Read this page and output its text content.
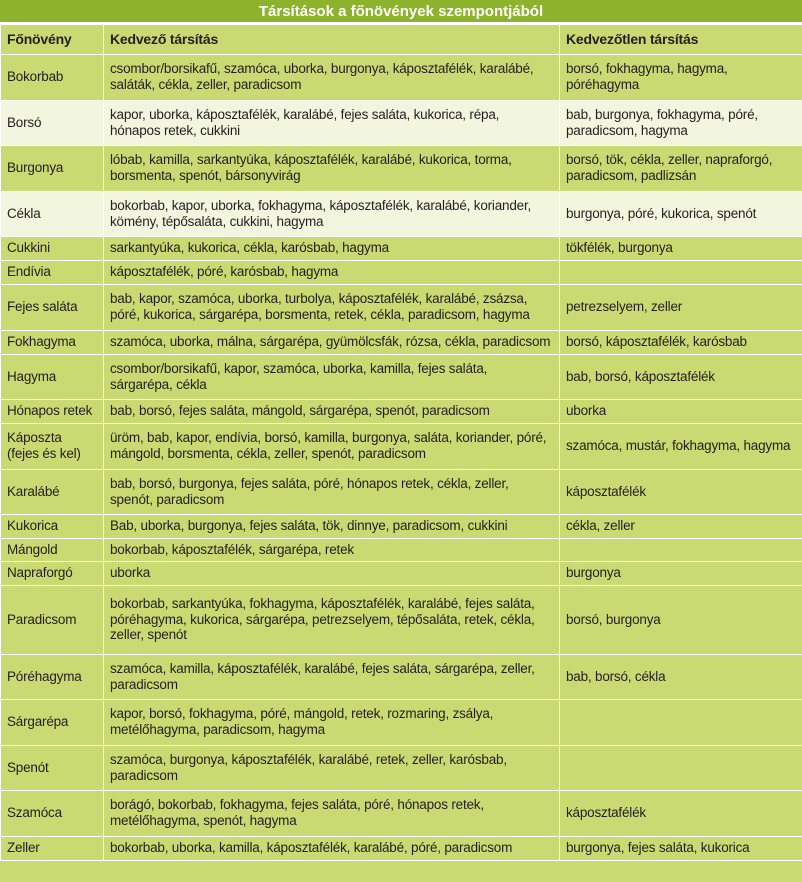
Társítások a főnövények szempontjából
Főnövény	Kedvező társítás	Kedvezőtlen társítás
Bokorbab	csombor/borsikafű, szamóca, uborka, burgonya, káposztafélék, karalábé, saláták, cékla, zeller, paradicsom	borsó, fokhagyma, hagyma, póréhagyma
Borsó	kapor, uborka, káposztafélék, karalábé, fejes saláta, kukorica, répa, hónapos retek, cukkini	bab, burgonya, fokhagyma, póré, paradicsom, hagyma
Burgonya	lóbab, kamilla, sarkantyúka, káposztafélék, karalábé, kukorica, torma, borsmenta, spenót, bársonyvirág	borsó, tök, cékla, zeller, napraforgó, paradicsom, padlizsán
Cékla	bokorbab, kapor, uborka, fokhagyma, káposztafélék, karalábé, koriander, kömény, tépősaláta, cukkini, hagyma	burgonya, póré, kukorica, spenót
Cukkini	sarkantyúka, kukorica, cékla, karósbab, hagyma	tökfélék, burgonya
Endívia	káposztafélék, póré, karósbab, hagyma	
Fejes saláta	bab, kapor, szamóca, uborka, turbolya, káposztafélék, karalábé, zsázsa, póré, kukorica, sárgarépa, borsmenta, retek, cékla, paradicsom, hagyma	petrezselyem, zeller
Fokhagyma	szamóca, uborka, málna, sárgarépa, gyümölcsfák, rózsa, cékla, paradicsom	borsó, káposztafélék, karósbab
Hagyma	csombor/borsikafű, kapor, szamóca, uborka, kamilla, fejes saláta, sárgarépa, cékla	bab, borsó, káposztafélék
Hónapos retek	bab, borsó, fejes saláta, mángold, sárgarépa, spenót, paradicsom	uborka
Káposzta (fejes és kel)	üröm, bab, kapor, endívia, borsó, kamilla, burgonya, saláta, koriander, póré, mángold, borsmenta, cékla, zeller, spenót, paradicsom	szamóca, mustár, fokhagyma, hagyma
Karalábé	bab, borsó, burgonya, fejes saláta, póré, hónapos retek, cékla, zeller, spenót, paradicsom	káposztafélék
Kukorica	Bab, uborka, burgonya, fejes saláta, tök, dinnye, paradicsom, cukkini	cékla, zeller
Mángold	bokorbab, káposztafélék, sárgarépa, retek	
Napraforgó	uborka	burgonya
Paradicsom	bokorbab, sarkantyúka, fokhagyma, káposztafélék, karalábé, fejes saláta, póréhagyma, kukorica, sárgarépa, petrezselyem, tépősaláta, retek, cékla, zeller, spenót	borsó, burgonya
Póréhagyma	szamóca, kamilla, káposztafélék, karalábé, fejes saláta, sárgarépa, zeller, paradicsom	bab, borsó, cékla
Sárgarépa	kapor, borsó, fokhagyma, póré, mángold, retek, rozmaring, zsálya, metélőhagyma, paradicsom, hagyma	
Spenót	szamóca, burgonya, káposztafélék, karalábé, retek, zeller, karósbab, paradicsom	
Szamóca	borágó, bokorbab, fokhagyma, fejes saláta, póré, hónapos retek, metélőhagyma, spenót, hagyma	káposztafélék
Zeller	bokorbab, uborka, kamilla, káposztafélék, karalábé, póré, paradicsom	burgonya, fejes saláta, kukorica
